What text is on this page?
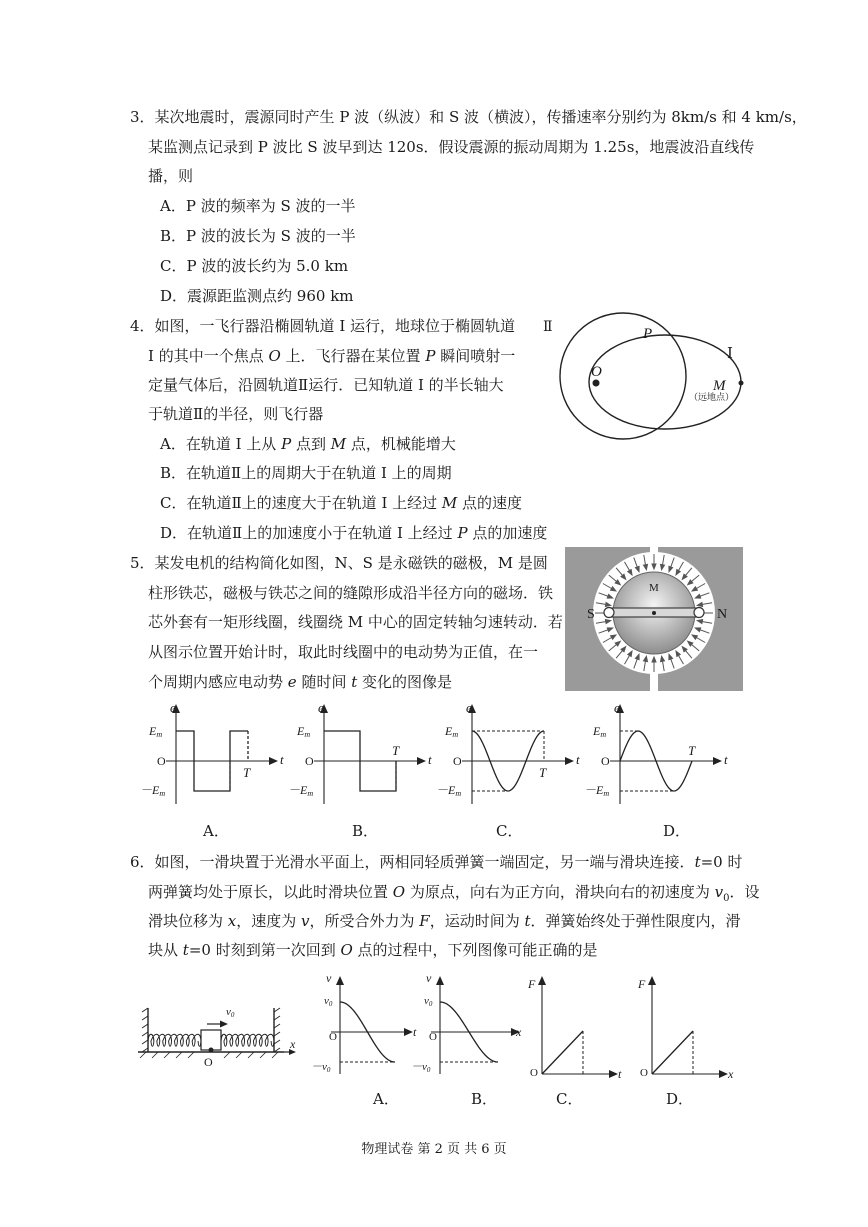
3．某次地震时，震源同时产生 P 波（纵波）和 S 波（横波），传播速率分别约为 8km/s 和 4 km/s，
某监测点记录到 P 波比 S 波早到达 120s．假设震源的振动周期为 1.25s，地震波沿直线传
播，则
A．P 波的频率为 S 波的一半
B．P 波的波长为 S 波的一半
C．P 波的波长约为 5.0 km
D．震源距监测点约 960 km
4．如图，一飞行器沿椭圆轨道 I 运行，地球位于椭圆轨道
I 的其中一个焦点 O 上．飞行器在某位置 P 瞬间喷射一
定量气体后，沿圆轨道Ⅱ运行．已知轨道 I 的半长轴大
于轨道Ⅱ的半径，则飞行器
A．在轨道 I 上从 P 点到 M 点，机械能增大
B．在轨道Ⅱ上的周期大于在轨道 I 上的周期
C．在轨道Ⅱ上的速度大于在轨道 I 上经过 M 点的速度
D．在轨道Ⅱ上的加速度小于在轨道 I 上经过 P 点的加速度
Ⅱ
Ⅰ
P
O
M
（远地点）
5．某发电机的结构简化如图，N、S 是永磁铁的磁极，M 是圆
柱形铁芯，磁极与铁芯之间的缝隙形成沿半径方向的磁场．铁
芯外套有一矩形线圈，线圈绕 M 中心的固定转轴匀速转动．若
从图示位置开始计时，取此时线圈中的电动势为正值，在一
个周期内感应电动势 e 随时间 t 变化的图像是
S	N
M
e
t
Em
O
－Em
T
e
t
Em
O
－Em
T
e
t
Em
O
－Em
T
e
t
Em
O
－Em
T
A．	B．	C．	D．
6．如图，一滑块置于光滑水平面上，两相同轻质弹簧一端固定，另一端与滑块连接．t=0 时
两弹簧均处于原长，以此时滑块位置 O 为原点，向右为正方向，滑块向右的初速度为 $v_0$．设
滑块位移为 x，速度为 v，所受合外力为 F，运动时间为 t．弹簧始终处于弹性限度内，滑
块从 t=0 时刻到第一次回到 O 点的过程中，下列图像可能正确的是
v0
O
x
v
t
v0
O
－v0
v
x
v0
O
－v0
F
t
O
F
x
O
A．	B．	C．	D．
物理试卷 第 2 页 共 6 页
